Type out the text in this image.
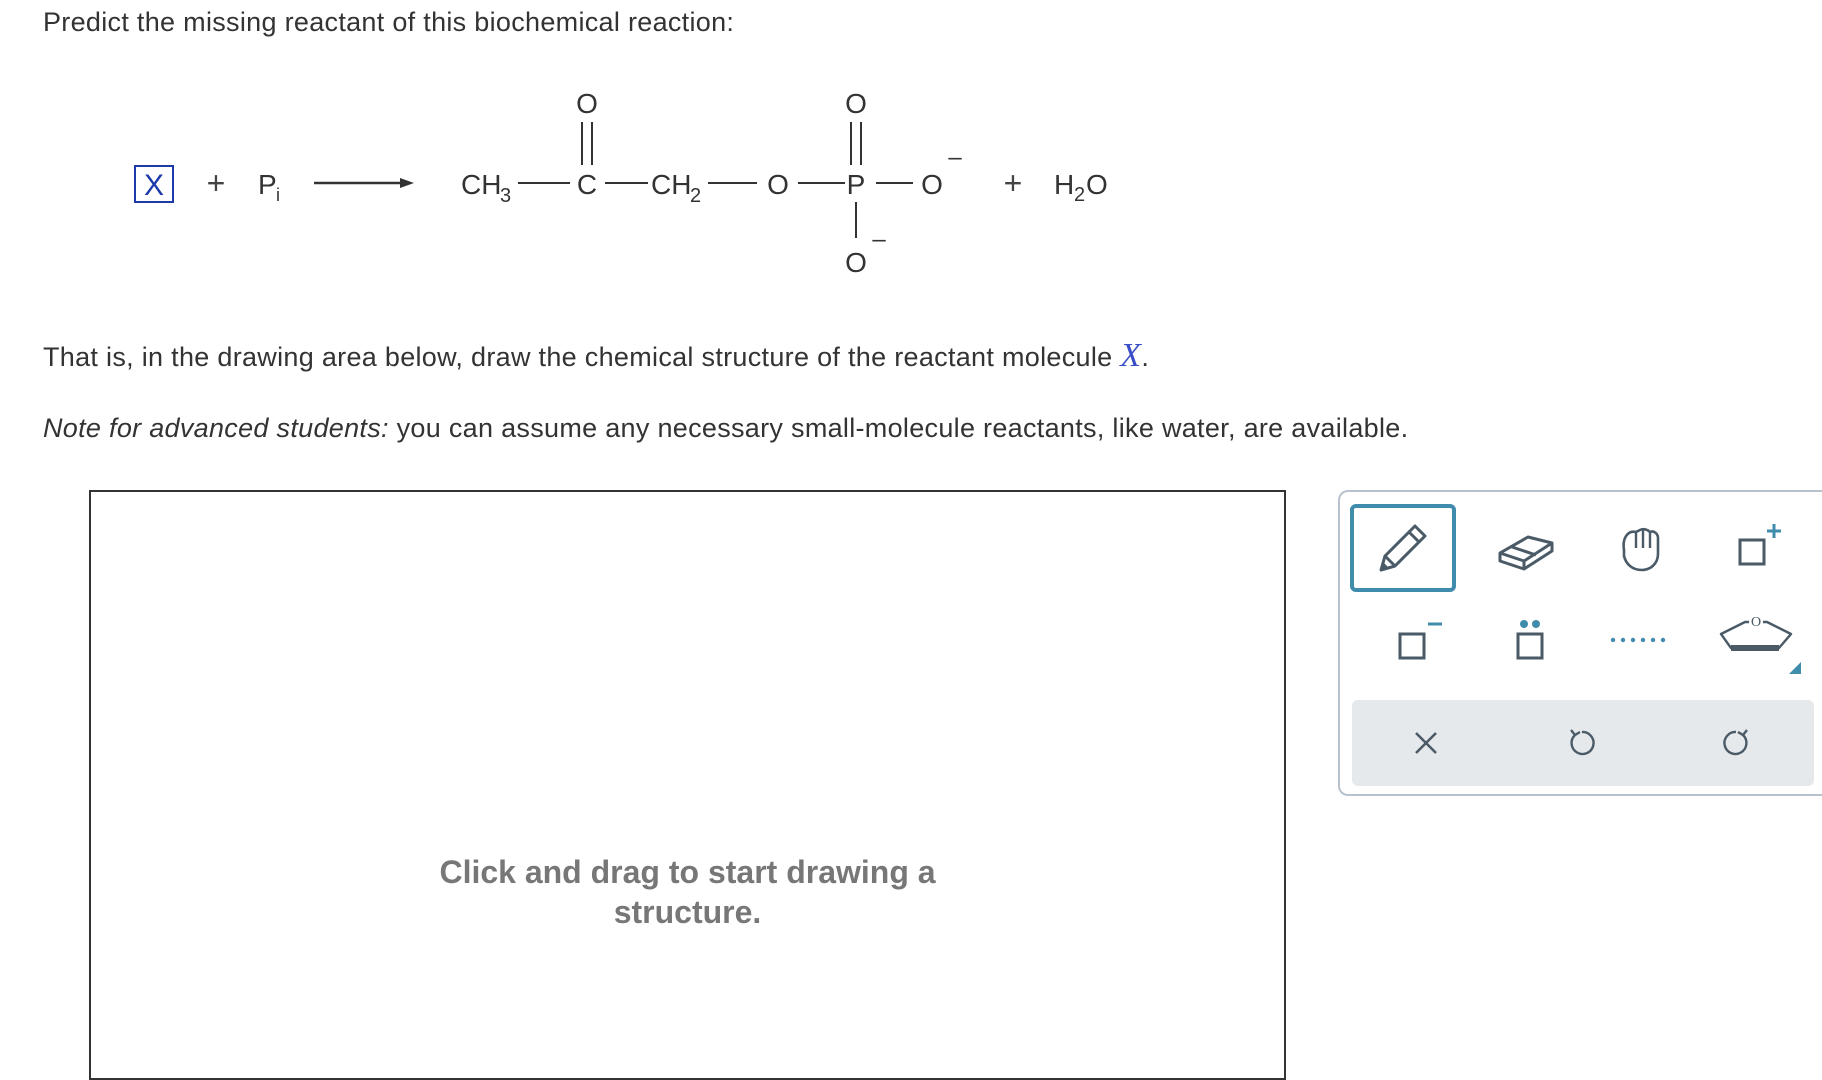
Predict the missing reactant of this biochemical reaction:
X + P i	CH
3 C
O
CH
2 O P
O
O
–
O
–
+ H 2 O
That is, in the drawing area below, draw the chemical structure of the reactant molecule X.
Note for advanced students: you can assume any necessary small-molecule reactants, like water, are available.
Click and drag to start drawing a structure.
O
